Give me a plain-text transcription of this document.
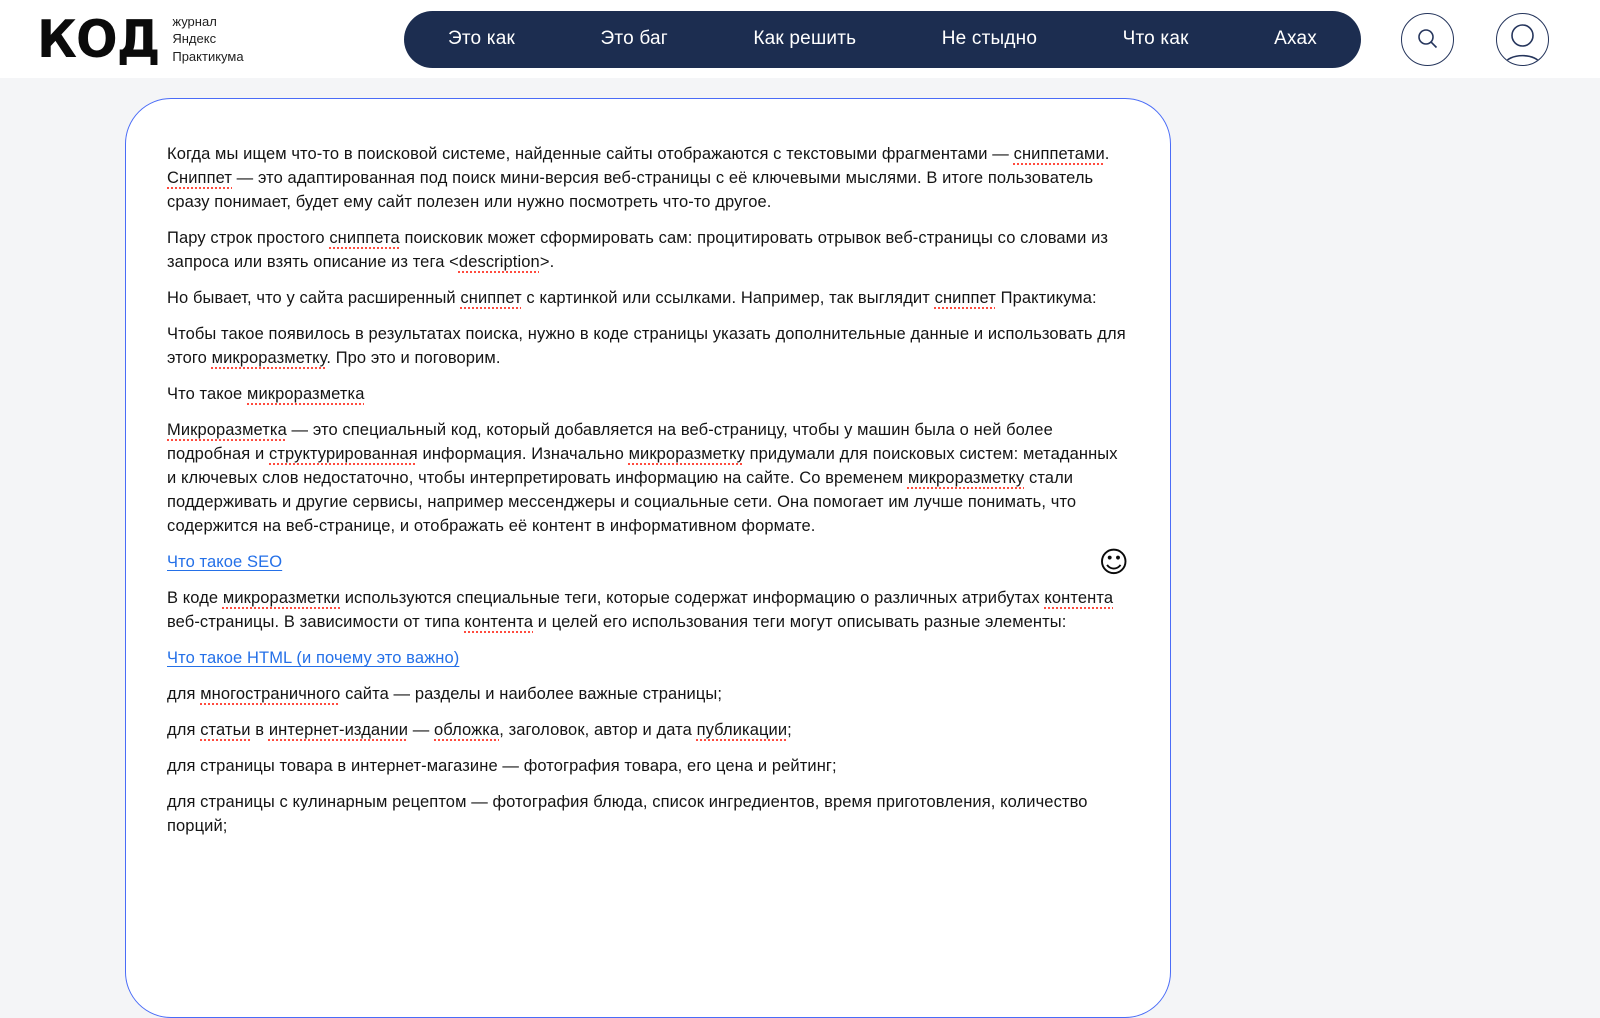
КОД журнал
Яндекс
Практикума
Это как	Это баг	Как решить	Не стыдно	Что как	Ахах

Когда мы ищем что-то в поисковой системе, найденные сайты отображаются с текстовыми фрагментами — сниппетами. Сниппет — это адаптированная под поиск мини-версия веб-страницы с её ключевыми мыслями. В итоге пользователь сразу понимает, будет ему сайт полезен или нужно посмотреть что-то другое.

Пару строк простого сниппета поисковик может сформировать сам: процитировать отрывок веб-страницы со словами из запроса или взять описание из тега <description>.

Но бывает, что у сайта расширенный сниппет с картинкой или ссылками. Например, так выглядит сниппет Практикума:

Чтобы такое появилось в результатах поиска, нужно в коде страницы указать дополнительные данные и использовать для этого микроразметку. Про это и поговорим.

Что такое микроразметка

Микроразметка — это специальный код, который добавляется на веб-страницу, чтобы у машин была о ней более подробная и структурированная информация. Изначально микроразметку придумали для поисковых систем: метаданных и ключевых слов недостаточно, чтобы интерпретировать информацию на сайте. Со временем микроразметку стали поддерживать и другие сервисы, например мессенджеры и социальные сети. Она помогает им лучше понимать, что содержится на веб-странице, и отображать её контент в информативном формате.

Что такое SEO	☺

В коде микроразметки используются специальные теги, которые содержат информацию о различных атрибутах контента веб-страницы. В зависимости от типа контента и целей его использования теги могут описывать разные элементы:

Что такое HTML (и почему это важно)

для многостраничного сайта — разделы и наиболее важные страницы;

для статьи в интернет-издании — обложка, заголовок, автор и дата публикации;

для страницы товара в интернет-магазине — фотография товара, его цена и рейтинг;

для страницы с кулинарным рецептом — фотография блюда, список ингредиентов, время приготовления, количество порций;
